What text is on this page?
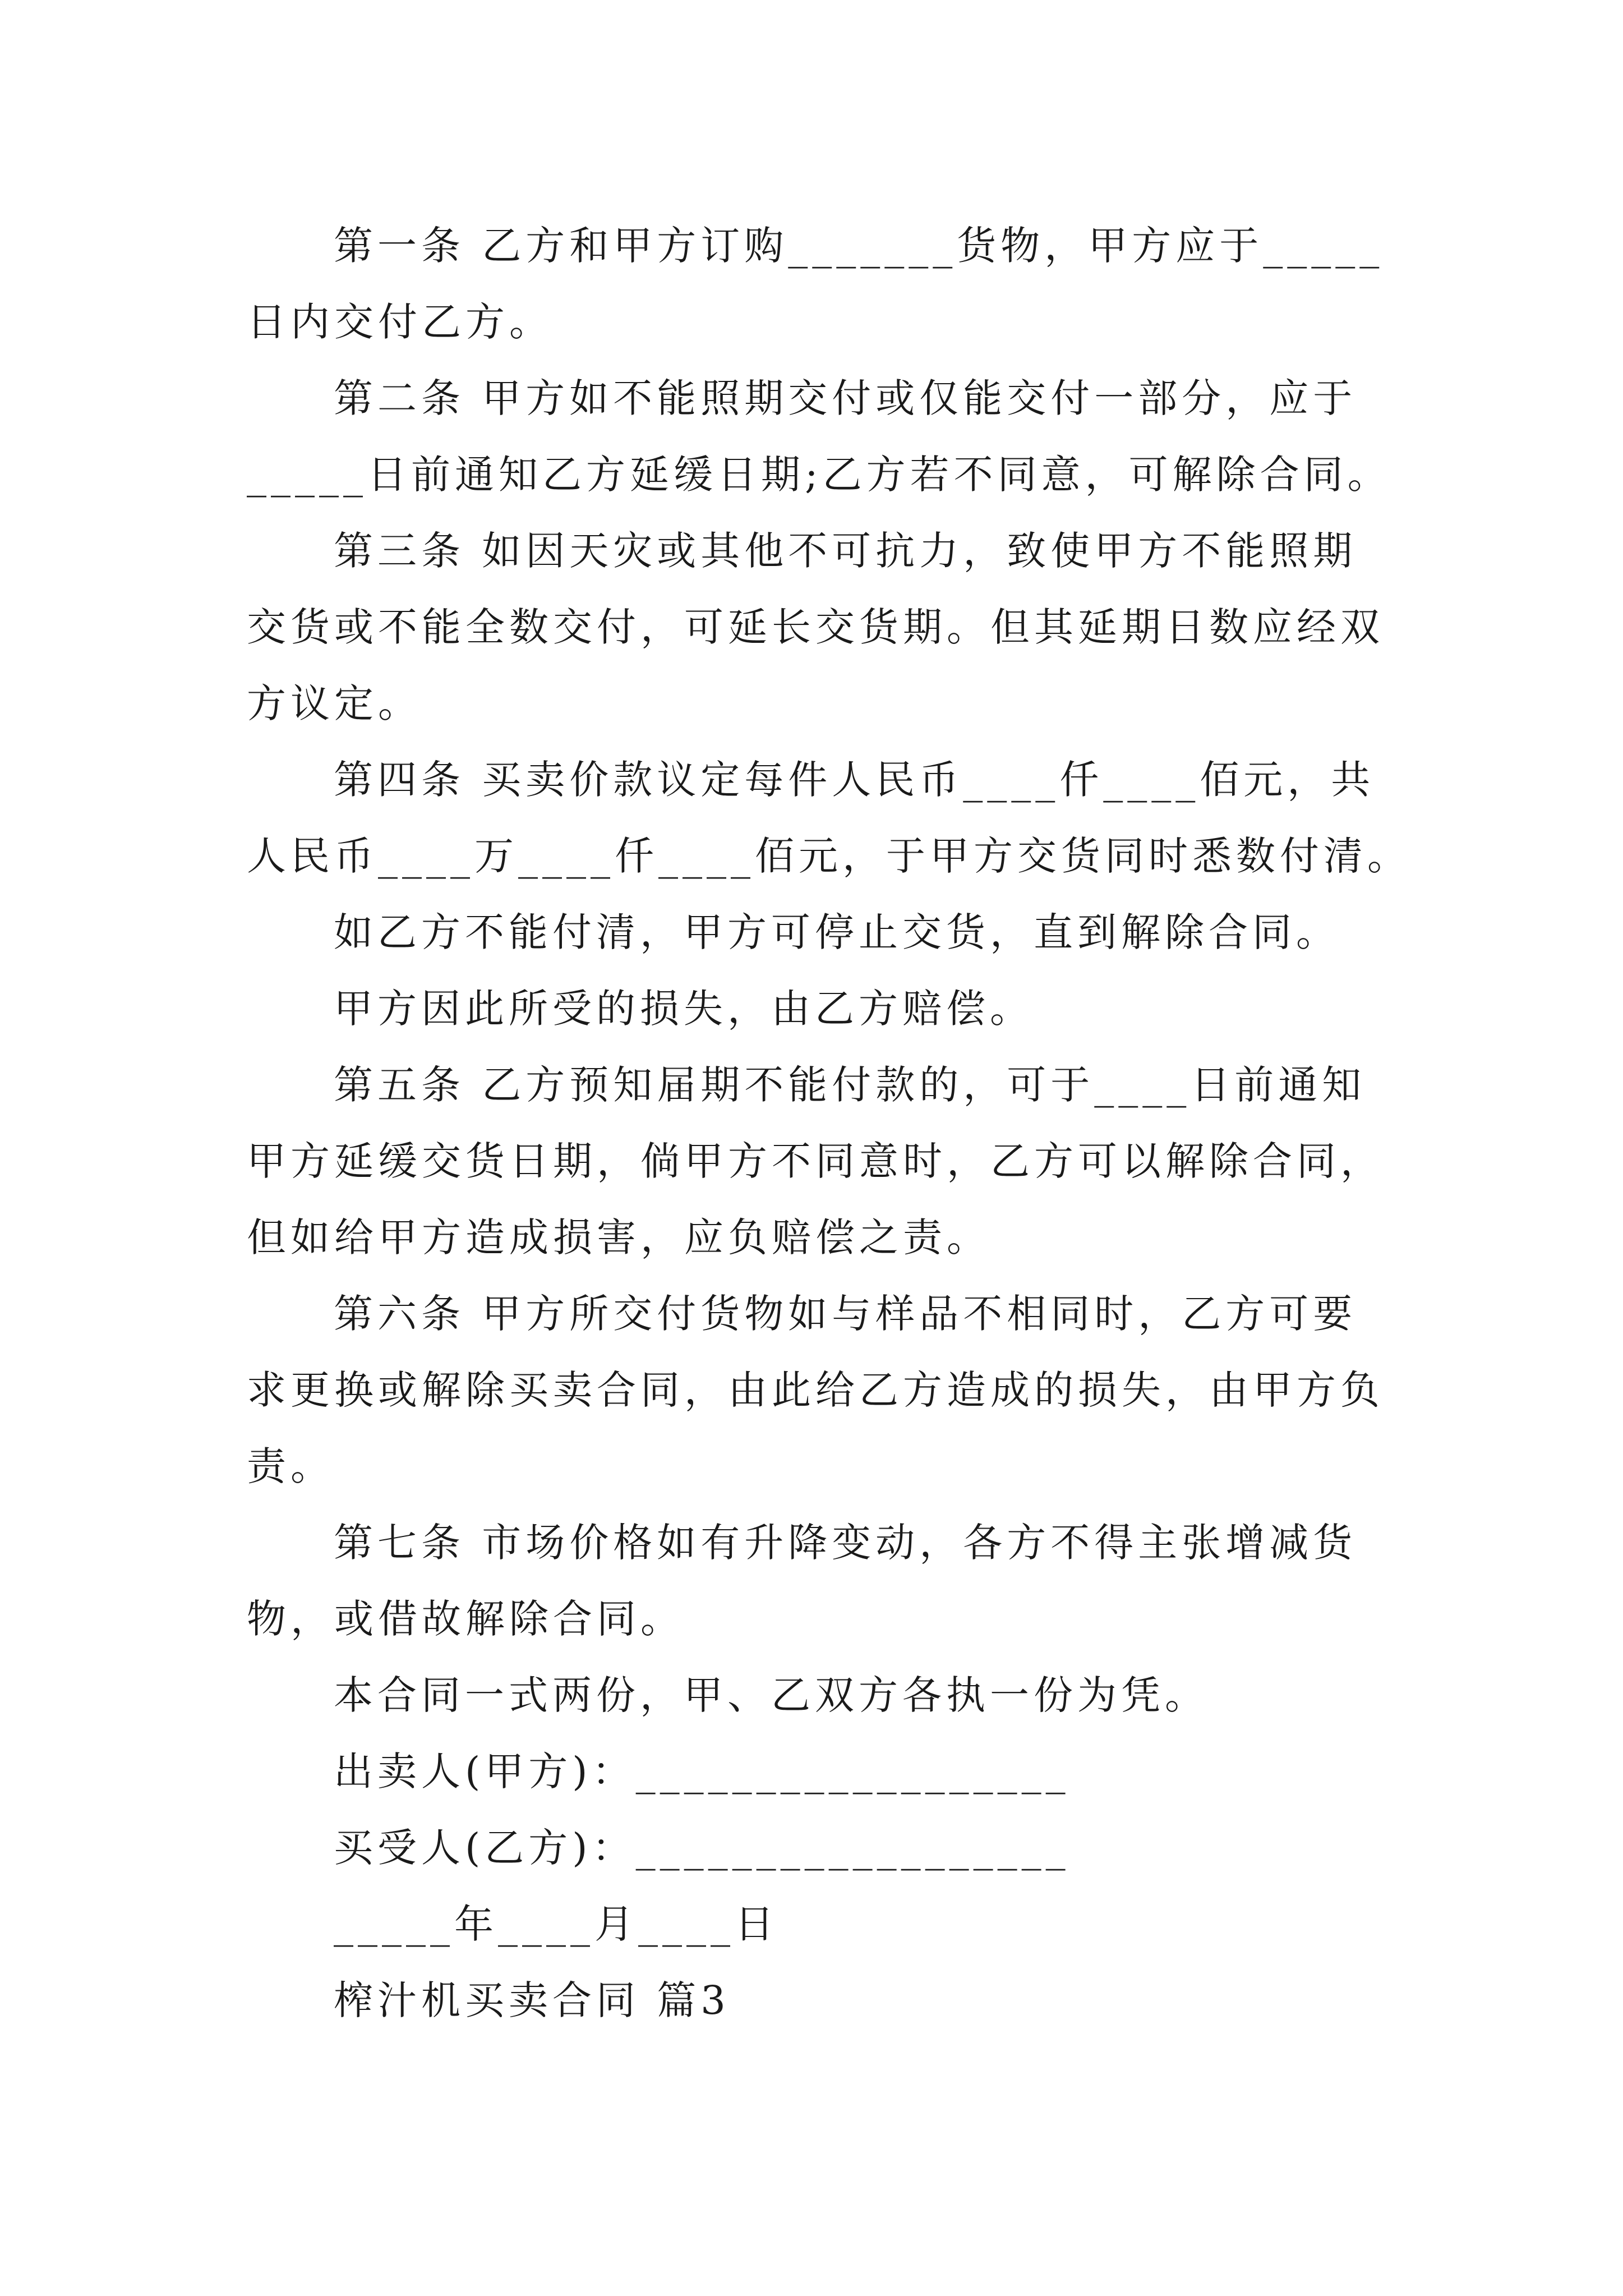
第一条 乙方和甲方订购_______货物，甲方应于_____
日内交付乙方。
第二条 甲方如不能照期交付或仅能交付一部分，应于
_____日前通知乙方延缓日期;乙方若不同意，可解除合同。
第三条 如因天灾或其他不可抗力，致使甲方不能照期
交货或不能全数交付，可延长交货期。但其延期日数应经双
方议定。
第四条 买卖价款议定每件人民币____仟____佰元，共
人民币____万____仟____佰元，于甲方交货同时悉数付清。
如乙方不能付清，甲方可停止交货，直到解除合同。
甲方因此所受的损失，由乙方赔偿。
第五条 乙方预知届期不能付款的，可于____日前通知
甲方延缓交货日期，倘甲方不同意时，乙方可以解除合同，
但如给甲方造成损害，应负赔偿之责。
第六条 甲方所交付货物如与样品不相同时，乙方可要
求更换或解除买卖合同，由此给乙方造成的损失，由甲方负
责。
第七条 市场价格如有升降变动，各方不得主张增减货
物，或借故解除合同。
本合同一式两份，甲、乙双方各执一份为凭。
出卖人(甲方)：__________________
买受人(乙方)：__________________
_____年____月____日
榨汁机买卖合同 篇3
